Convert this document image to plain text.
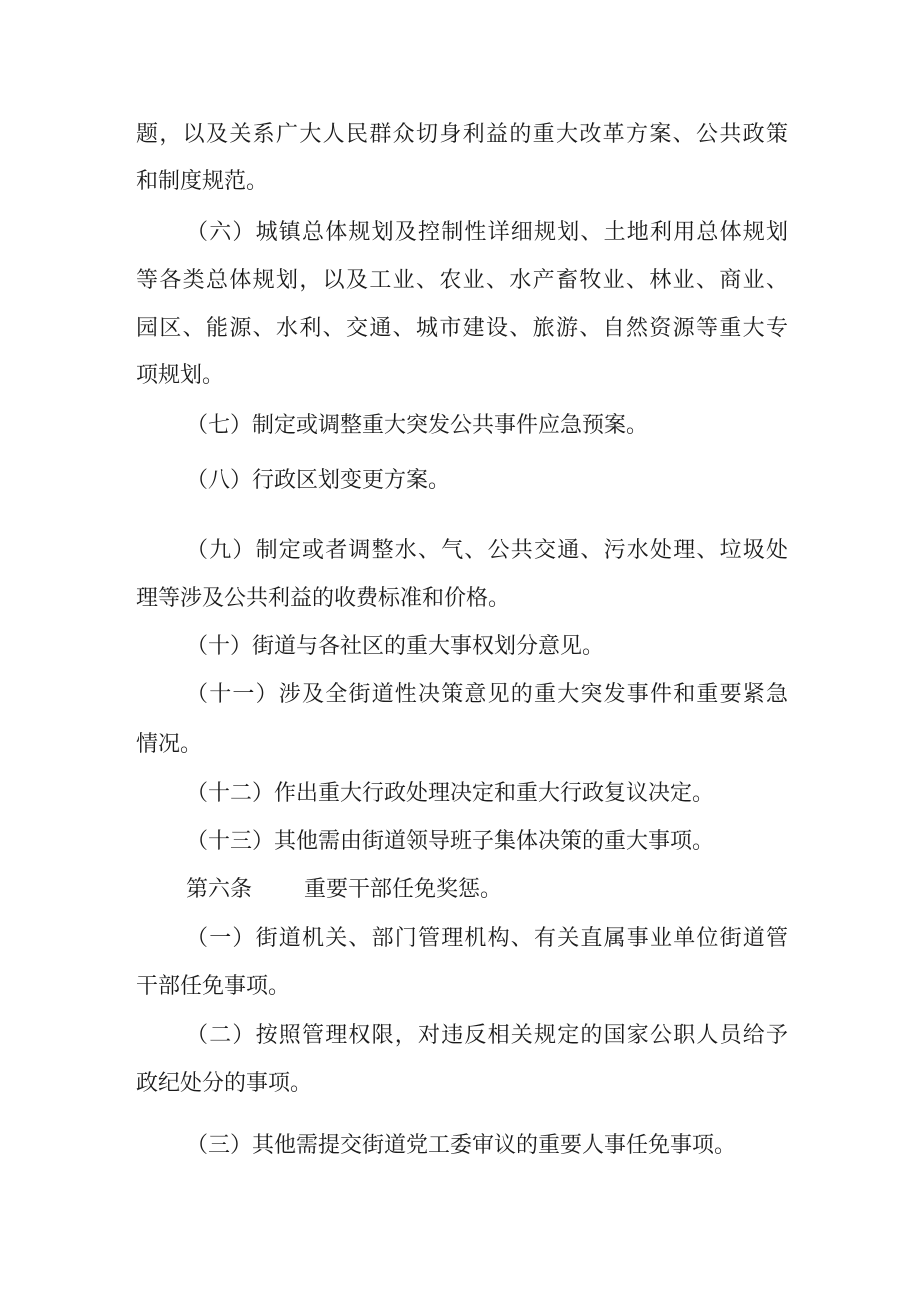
题，以及关系广大人民群众切身利益的重大改革方案、公共政策
和制度规范。
（六）城镇总体规划及控制性详细规划、土地利用总体规划
等各类总体规划，以及工业、农业、水产畜牧业、林业、商业、
园区、能源、水利、交通、城市建设、旅游、自然资源等重大专
项规划。
（七）制定或调整重大突发公共事件应急预案。
（八）行政区划变更方案。
（九）制定或者调整水、气、公共交通、污水处理、垃圾处
理等涉及公共利益的收费标准和价格。
（十）街道与各社区的重大事权划分意见。
（十一）涉及全街道性决策意见的重大突发事件和重要紧急
情况。
（十二）作出重大行政处理决定和重大行政复议决定。
（十三）其他需由街道领导班子集体决策的重大事项。
第六条 重要干部任免奖惩。
（一）街道机关、部门管理机构、有关直属事业单位街道管
干部任免事项。
（二）按照管理权限，对违反相关规定的国家公职人员给予
政纪处分的事项。
（三）其他需提交街道党工委审议的重要人事任免事项。
